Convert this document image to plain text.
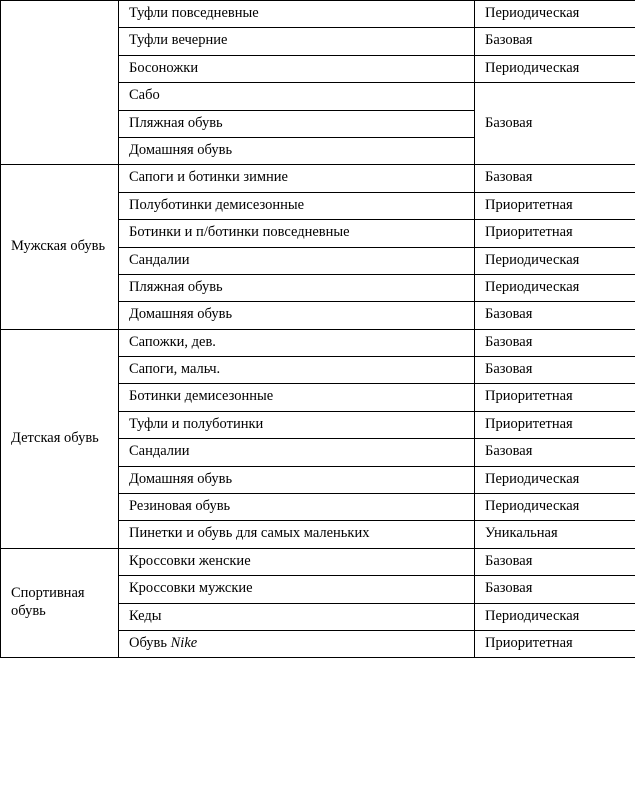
	Туфли повседневные	Периодическая
	Туфли вечерние	Базовая
	Босоножки	Периодическая
	Сабо	Базовая
	Пляжная обувь	
	Домашняя обувь	
Мужская обувь	Сапоги и ботинки зимние	Базовая
	Полуботинки демисезонные	Приоритетная
	Ботинки и п/ботинки повседневные	Приоритетная
	Сандалии	Периодическая
	Пляжная обувь	Периодическая
	Домашняя обувь	Базовая
Детская обувь	Сапожки, дев.	Базовая
	Сапоги, мальч.	Базовая
	Ботинки демисезонные	Приоритетная
	Туфли и полуботинки	Приоритетная
	Сандалии	Базовая
	Домашняя обувь	Периодическая
	Резиновая обувь	Периодическая
	Пинетки и обувь для самых маленьких	Уникальная
Спортивная обувь	Кроссовки женские	Базовая
	Кроссовки мужские	Базовая
	Кеды	Периодическая
	Обувь Nike	Приоритетная
